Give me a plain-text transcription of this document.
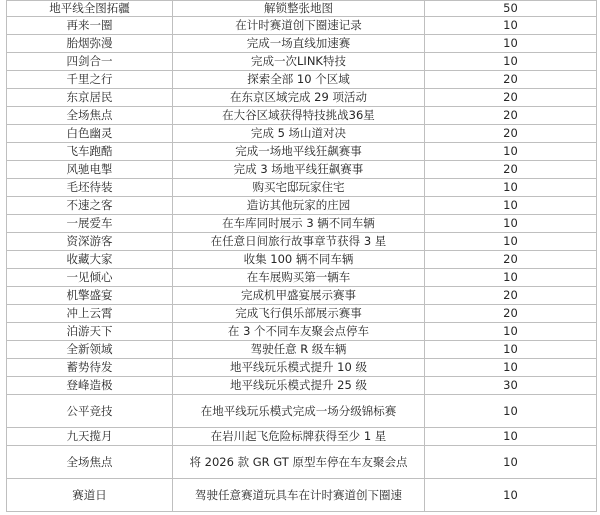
地平线全图拓疆	解锁整张地图	50
再来一圈	在计时赛道创下圈速记录	10
胎烟弥漫	完成一场直线加速赛	10
四剑合一	完成一次LINK特技	10
千里之行	探索全部 10 个区域	20
东京居民	在东京区域完成 29 项活动	20
全场焦点	在大谷区域获得特技挑战36星	20
白色幽灵	完成 5 场山道对决	20
飞车跑酷	完成一场地平线狂飙赛事	10
风驰电掣	完成 3 场地平线狂飙赛事	20
毛坯待装	购买宅邸玩家住宅	10
不速之客	造访其他玩家的庄园	10
一展爱车	在车库同时展示 3 辆不同车辆	10
资深游客	在任意日间旅行故事章节获得 3 星	10
收藏大家	收集 100 辆不同车辆	20
一见倾心	在车展购买第一辆车	10
机擎盛宴	完成机甲盛宴展示赛事	20
冲上云霄	完成飞行俱乐部展示赛事	20
泊游天下	在 3 个不同车友聚会点停车	10
全新领域	驾驶任意 R 级车辆	10
蓄势待发	地平线玩乐模式提升 10 级	10
登峰造极	地平线玩乐模式提升 25 级	30
公平竞技	在地平线玩乐模式完成一场分级锦标赛	10
九天揽月	在岩川起飞危险标牌获得至少 1 星	10
全场焦点	将 2026 款 GR GT 原型车停在车友聚会点	10
赛道日	驾驶任意赛道玩具车在计时赛道创下圈速	10
